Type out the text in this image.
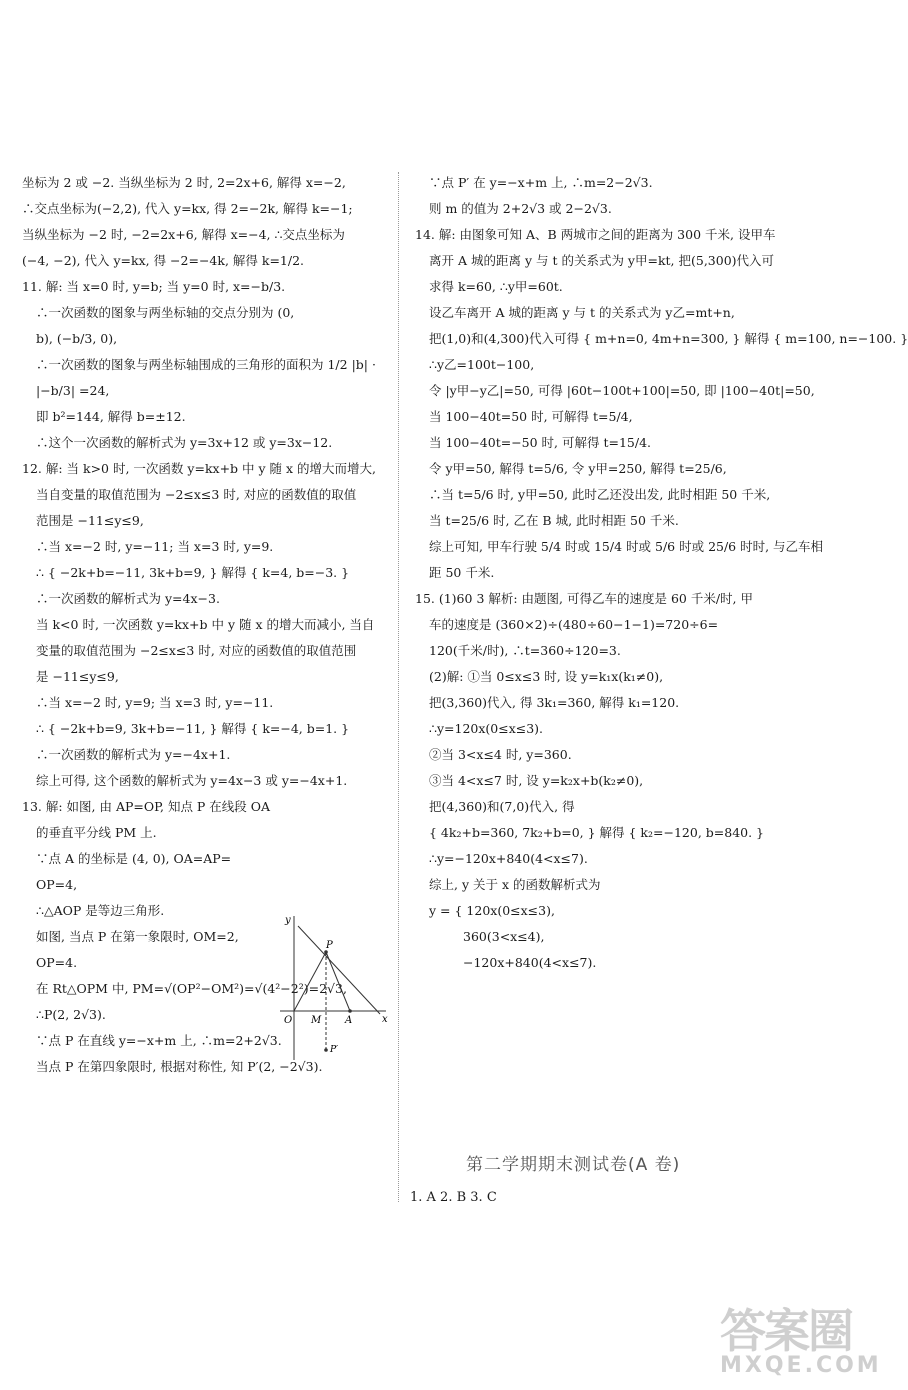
坐标为 2 或 −2. 当纵坐标为 2 时, 2=2x+6, 解得 x=−2,
∴交点坐标为(−2,2), 代入 y=kx, 得 2=−2k, 解得 k=−1;
当纵坐标为 −2 时, −2=2x+6, 解得 x=−4, ∴交点坐标为
(−4, −2), 代入 y=kx, 得 −2=−4k, 解得 k=1/2.
11. 解: 当 x=0 时, y=b; 当 y=0 时, x=−b/3.
∴一次函数的图象与两坐标轴的交点分别为 (0,
b), (−b/3, 0),
∴一次函数的图象与两坐标轴围成的三角形的面积为 1/2 |b| ·
|−b/3| =24,
即 b²=144, 解得 b=±12.
∴这个一次函数的解析式为 y=3x+12 或 y=3x−12.
12. 解: 当 k>0 时, 一次函数 y=kx+b 中 y 随 x 的增大而增大,
当自变量的取值范围为 −2≤x≤3 时, 对应的函数值的取值
范围是 −11≤y≤9,
∴当 x=−2 时, y=−11; 当 x=3 时, y=9.
∴ { −2k+b=−11, 3k+b=9, } 解得 { k=4, b=−3. }
∴一次函数的解析式为 y=4x−3.
当 k<0 时, 一次函数 y=kx+b 中 y 随 x 的增大而减小, 当自
变量的取值范围为 −2≤x≤3 时, 对应的函数值的取值范围
是 −11≤y≤9,
∴当 x=−2 时, y=9; 当 x=3 时, y=−11.
∴ { −2k+b=9, 3k+b=−11, } 解得 { k=−4, b=1. }
∴一次函数的解析式为 y=−4x+1.
综上可得, 这个函数的解析式为 y=4x−3 或 y=−4x+1.
13. 解: 如图, 由 AP=OP, 知点 P 在线段 OA
的垂直平分线 PM 上.
∵点 A 的坐标是 (4, 0), OA=AP=
OP=4,
∴△AOP 是等边三角形.
如图, 当点 P 在第一象限时, OM=2,
OP=4.
在 Rt△OPM 中, PM=√(OP²−OM²)=√(4²−2²)=2√3,
∴P(2, 2√3).
∵点 P 在直线 y=−x+m 上, ∴m=2+2√3.
当点 P 在第四象限时, 根据对称性, 知 P′(2, −2√3).
∵点 P′ 在 y=−x+m 上, ∴m=2−2√3.
则 m 的值为 2+2√3 或 2−2√3.
14. 解: 由图象可知 A、B 两城市之间的距离为 300 千米, 设甲车
离开 A 城的距离 y 与 t 的关系式为 y甲=kt, 把(5,300)代入可
求得 k=60, ∴y甲=60t.
设乙车离开 A 城的距离 y 与 t 的关系式为 y乙=mt+n,
把(1,0)和(4,300)代入可得 { m+n=0, 4m+n=300, } 解得 { m=100, n=−100. }
∴y乙=100t−100,
令 |y甲−y乙|=50, 可得 |60t−100t+100|=50, 即 |100−40t|=50,
当 100−40t=50 时, 可解得 t=5/4,
当 100−40t=−50 时, 可解得 t=15/4.
令 y甲=50, 解得 t=5/6, 令 y甲=250, 解得 t=25/6,
∴当 t=5/6 时, y甲=50, 此时乙还没出发, 此时相距 50 千米,
当 t=25/6 时, 乙在 B 城, 此时相距 50 千米.
综上可知, 甲车行驶 5/4 时或 15/4 时或 5/6 时或 25/6 时时, 与乙车相
距 50 千米.
15. (1)60 3 解析: 由题图, 可得乙车的速度是 60 千米/时, 甲
车的速度是 (360×2)÷(480÷60−1−1)=720÷6=
120(千米/时), ∴t=360÷120=3.
(2)解: ①当 0≤x≤3 时, 设 y=k₁x(k₁≠0),
把(3,360)代入, 得 3k₁=360, 解得 k₁=120.
∴y=120x(0≤x≤3).
②当 3<x≤4 时, y=360.
③当 4<x≤7 时, 设 y=k₂x+b(k₂≠0),
把(4,360)和(7,0)代入, 得
{ 4k₂+b=360, 7k₂+b=0, } 解得 { k₂=−120, b=840. }
∴y=−120x+840(4<x≤7).
综上, y 关于 x 的函数解析式为
y = { 120x(0≤x≤3),
360(3<x≤4),
−120x+840(4<x≤7).
第二学期期末测试卷(A 卷)
1. A 2. B 3. C
y
x
O M A
P
P′
答案圈
MXQE.COM
